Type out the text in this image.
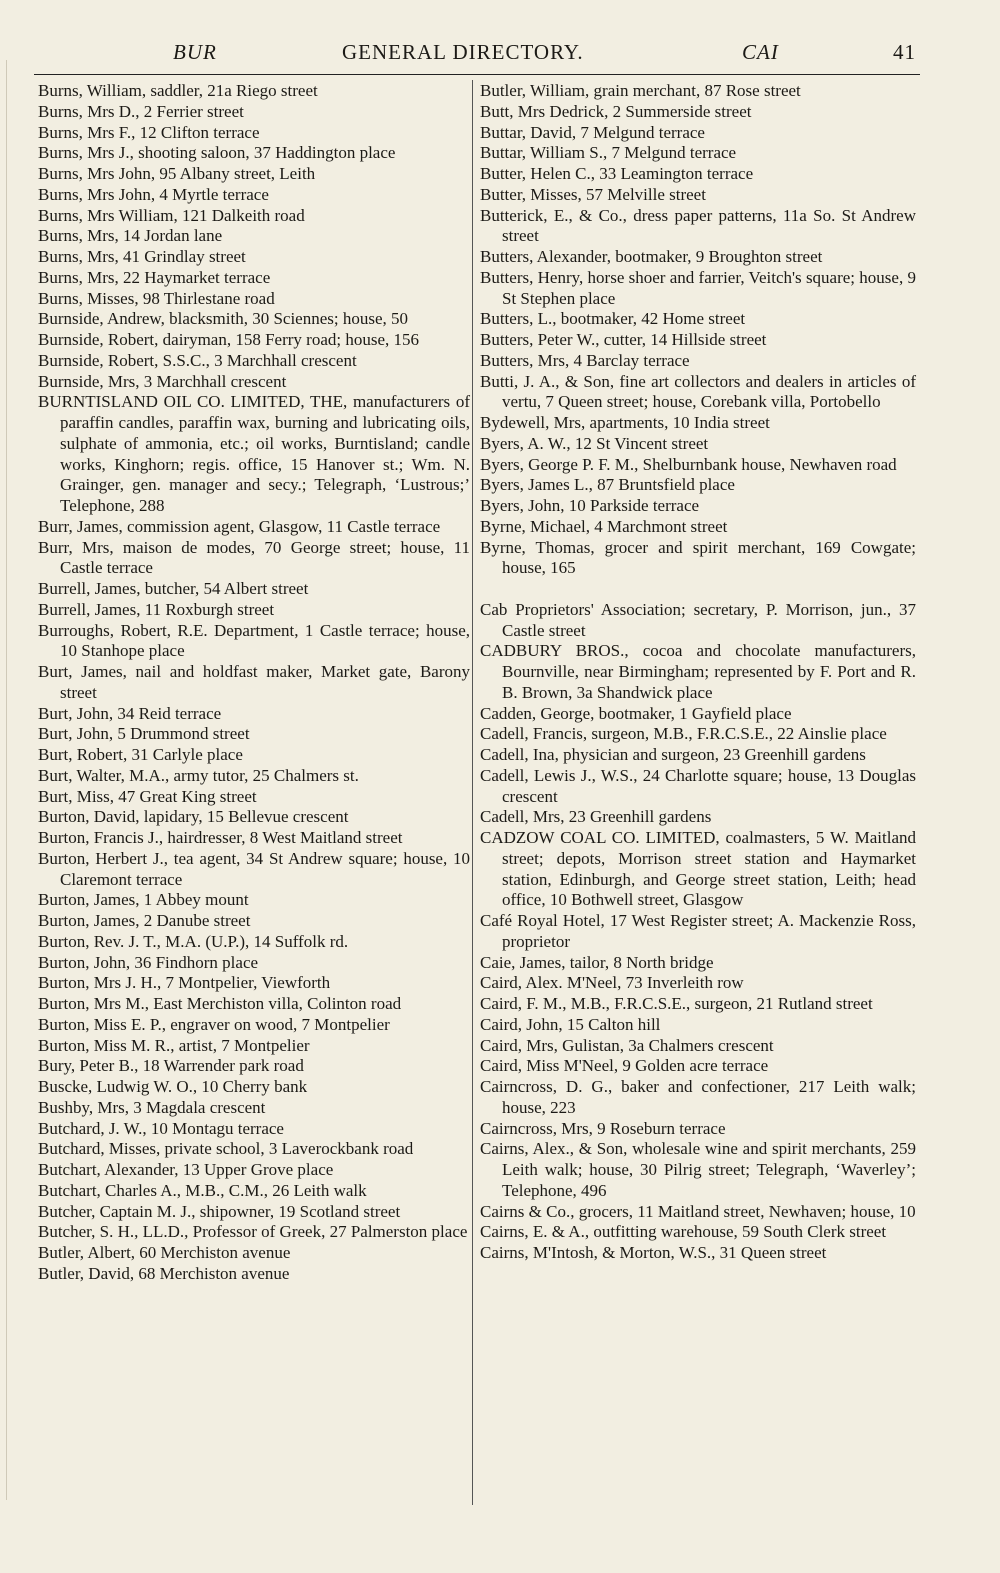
BUR	GENERAL DIRECTORY.	CAI	41
Burns, William, saddler, 21a Riego street
Burns, Mrs D., 2 Ferrier street
Burns, Mrs F., 12 Clifton terrace
Burns, Mrs J., shooting saloon, 37 Haddington place
Burns, Mrs John, 95 Albany street, Leith
Burns, Mrs John, 4 Myrtle terrace
Burns, Mrs William, 121 Dalkeith road
Burns, Mrs, 14 Jordan lane
Burns, Mrs, 41 Grindlay street
Burns, Mrs, 22 Haymarket terrace
Burns, Misses, 98 Thirlestane road
Burnside, Andrew, blacksmith, 30 Sciennes; house, 50
Burnside, Robert, dairyman, 158 Ferry road; house, 156
Burnside, Robert, S.S.C., 3 Marchhall crescent
Burnside, Mrs, 3 Marchhall crescent
BURNTISLAND OIL CO. LIMITED, THE, manufacturers of paraffin candles, paraffin wax, burning and lubricating oils, sulphate of ammonia, etc.; oil works, Burntisland; candle works, Kinghorn; regis. office, 15 Hanover st.; Wm. N. Grainger, gen. manager and secy.; Telegraph, ‘Lustrous;’ Telephone, 288
Burr, James, commission agent, Glasgow, 11 Castle terrace
Burr, Mrs, maison de modes, 70 George street; house, 11 Castle terrace
Burrell, James, butcher, 54 Albert street
Burrell, James, 11 Roxburgh street
Burroughs, Robert, R.E. Department, 1 Castle terrace; house, 10 Stanhope place
Burt, James, nail and holdfast maker, Market gate, Barony street
Burt, John, 34 Reid terrace
Burt, John, 5 Drummond street
Burt, Robert, 31 Carlyle place
Burt, Walter, M.A., army tutor, 25 Chalmers st.
Burt, Miss, 47 Great King street
Burton, David, lapidary, 15 Bellevue crescent
Burton, Francis J., hairdresser, 8 West Maitland street
Burton, Herbert J., tea agent, 34 St Andrew square; house, 10 Claremont terrace
Burton, James, 1 Abbey mount
Burton, James, 2 Danube street
Burton, Rev. J. T., M.A. (U.P.), 14 Suffolk rd.
Burton, John, 36 Findhorn place
Burton, Mrs J. H., 7 Montpelier, Viewforth
Burton, Mrs M., East Merchiston villa, Colinton road
Burton, Miss E. P., engraver on wood, 7 Montpelier
Burton, Miss M. R., artist, 7 Montpelier
Bury, Peter B., 18 Warrender park road
Buscke, Ludwig W. O., 10 Cherry bank
Bushby, Mrs, 3 Magdala crescent
Butchard, J. W., 10 Montagu terrace
Butchard, Misses, private school, 3 Laverockbank road
Butchart, Alexander, 13 Upper Grove place
Butchart, Charles A., M.B., C.M., 26 Leith walk
Butcher, Captain M. J., shipowner, 19 Scotland street
Butcher, S. H., LL.D., Professor of Greek, 27 Palmerston place
Butler, Albert, 60 Merchiston avenue
Butler, David, 68 Merchiston avenue
Butler, William, grain merchant, 87 Rose street
Butt, Mrs Dedrick, 2 Summerside street
Buttar, David, 7 Melgund terrace
Buttar, William S., 7 Melgund terrace
Butter, Helen C., 33 Leamington terrace
Butter, Misses, 57 Melville street
Butterick, E., & Co., dress paper patterns, 11a So. St Andrew street
Butters, Alexander, bootmaker, 9 Broughton street
Butters, Henry, horse shoer and farrier, Veitch's square; house, 9 St Stephen place
Butters, L., bootmaker, 42 Home street
Butters, Peter W., cutter, 14 Hillside street
Butters, Mrs, 4 Barclay terrace
Butti, J. A., & Son, fine art collectors and dealers in articles of vertu, 7 Queen street; house, Corebank villa, Portobello
Bydewell, Mrs, apartments, 10 India street
Byers, A. W., 12 St Vincent street
Byers, George P. F. M., Shelburnbank house, Newhaven road
Byers, James L., 87 Bruntsfield place
Byers, John, 10 Parkside terrace
Byrne, Michael, 4 Marchmont street
Byrne, Thomas, grocer and spirit merchant, 169 Cowgate; house, 165
Cab Proprietors' Association; secretary, P. Morrison, jun., 37 Castle street
CADBURY BROS., cocoa and chocolate manufacturers, Bournville, near Birmingham; represented by F. Port and R. B. Brown, 3a Shandwick place
Cadden, George, bootmaker, 1 Gayfield place
Cadell, Francis, surgeon, M.B., F.R.C.S.E., 22 Ainslie place
Cadell, Ina, physician and surgeon, 23 Greenhill gardens
Cadell, Lewis J., W.S., 24 Charlotte square; house, 13 Douglas crescent
Cadell, Mrs, 23 Greenhill gardens
CADZOW COAL CO. LIMITED, coalmasters, 5 W. Maitland street; depots, Morrison street station and Haymarket station, Edinburgh, and George street station, Leith; head office, 10 Bothwell street, Glasgow
Café Royal Hotel, 17 West Register street; A. Mackenzie Ross, proprietor
Caie, James, tailor, 8 North bridge
Caird, Alex. M'Neel, 73 Inverleith row
Caird, F. M., M.B., F.R.C.S.E., surgeon, 21 Rutland street
Caird, John, 15 Calton hill
Caird, Mrs, Gulistan, 3a Chalmers crescent
Caird, Miss M'Neel, 9 Golden acre terrace
Cairncross, D. G., baker and confectioner, 217 Leith walk; house, 223
Cairncross, Mrs, 9 Roseburn terrace
Cairns, Alex., & Son, wholesale wine and spirit merchants, 259 Leith walk; house, 30 Pilrig street; Telegraph, ‘Waverley’; Telephone, 496
Cairns & Co., grocers, 11 Maitland street, Newhaven; house, 10
Cairns, E. & A., outfitting warehouse, 59 South Clerk street
Cairns, M'Intosh, & Morton, W.S., 31 Queen street
